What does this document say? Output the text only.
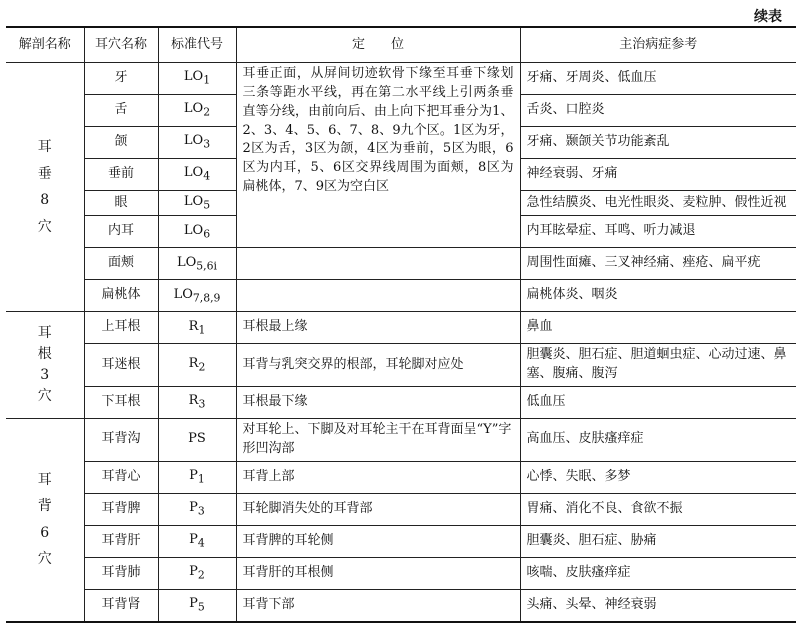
续表
解剖名称	耳穴名称	标准代号	定　　位	主治病症参考

耳
垂
8
穴	牙	$LO_1$	耳垂正面，从屏间切迹软骨下缘至耳垂下缘划三条等距水平线，再在第二水平线上引两条垂直等分线，由前向后、由上向下把耳垂分为1、2、3、4、5、6、7、8、9九个区。1区为牙，2区为舌，3区为颌，4区为垂前，5区为眼，6区为内耳，5、6区交界线周围为面颊，8区为扁桃体，7、9区为空白区	牙痛、牙周炎、低血压
	舌	$LO_2$		舌炎、口腔炎
	颌	$LO_3$		牙痛、颞颌关节功能紊乱
	垂前	$LO_4$		神经衰弱、牙痛
	眼	$LO_5$		急性结膜炎、电光性眼炎、麦粒肿、假性近视
	内耳	$LO_6$		内耳眩晕症、耳鸣、听力减退
	面颊	$LO_{5,6i}$		周围性面瘫、三叉神经痛、痤疮、扁平疣
	扁桃体	$LO_{7,8,9}$		扁桃体炎、咽炎

耳
根
3
穴	上耳根	$R_1$	耳根最上缘	鼻血
	耳迷根	$R_2$	耳背与乳突交界的根部，耳轮脚对应处	胆囊炎、胆石症、胆道蛔虫症、心动过速、鼻塞、腹痛、腹泻
	下耳根	$R_3$	耳根最下缘	低血压

耳
背
6
穴	耳背沟	PS	对耳轮上、下脚及对耳轮主干在耳背面呈“Y”字形凹沟部	高血压、皮肤瘙痒症
	耳背心	$P_1$	耳背上部	心悸、失眠、多梦
	耳背脾	$P_3$	耳轮脚消失处的耳背部	胃痛、消化不良、食欲不振
	耳背肝	$P_4$	耳背脾的耳轮侧	胆囊炎、胆石症、胁痛
	耳背肺	$P_2$	耳背肝的耳根侧	咳喘、皮肤瘙痒症
	耳背肾	$P_5$	耳背下部	头痛、头晕、神经衰弱
